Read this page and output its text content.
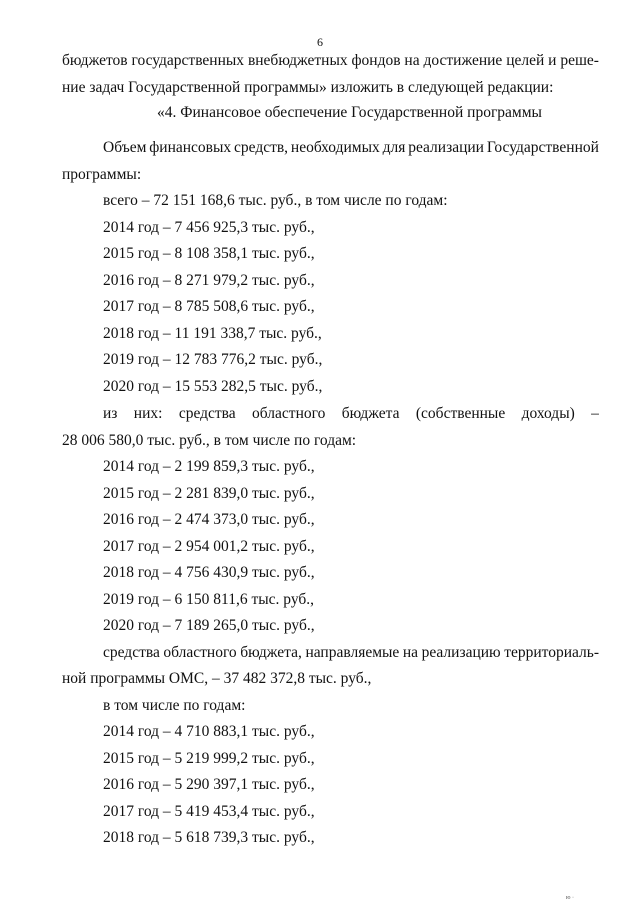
6
бюджетов государственных внебюджетных фондов на достижение целей и реше-
ние задач Государственной программы» изложить в следующей редакции:
«4. Финансовое обеспечение Государственной программы
Объем финансовых средств, необходимых для реализации Государственной
программы:
всего – 72 151 168,6 тыс. руб., в том числе по годам:
2014 год – 7 456 925,3 тыс. руб.,
2015 год – 8 108 358,1 тыс. руб.,
2016 год – 8 271 979,2 тыс. руб.,
2017 год – 8 785 508,6 тыс. руб.,
2018 год – 11 191 338,7 тыс. руб.,
2019 год – 12 783 776,2 тыс. руб.,
2020 год – 15 553 282,5 тыс. руб.,
из них: средства областного бюджета (собственные доходы) –
28 006 580,0 тыс. руб., в том числе по годам:
2014 год – 2 199 859,3 тыс. руб.,
2015 год – 2 281 839,0 тыс. руб.,
2016 год – 2 474 373,0 тыс. руб.,
2017 год – 2 954 001,2 тыс. руб.,
2018 год – 4 756 430,9 тыс. руб.,
2019 год – 6 150 811,6 тыс. руб.,
2020 год – 7 189 265,0 тыс. руб.,
средства областного бюджета, направляемые на реализацию территориаль-
ной программы ОМС, – 37 482 372,8 тыс. руб.,
в том числе по годам:
2014 год – 4 710 883,1 тыс. руб.,
2015 год – 5 219 999,2 тыс. руб.,
2016 год – 5 290 397,1 тыс. руб.,
2017 год – 5 419 453,4 тыс. руб.,
2018 год – 5 618 739,3 тыс. руб.,
ю ·
